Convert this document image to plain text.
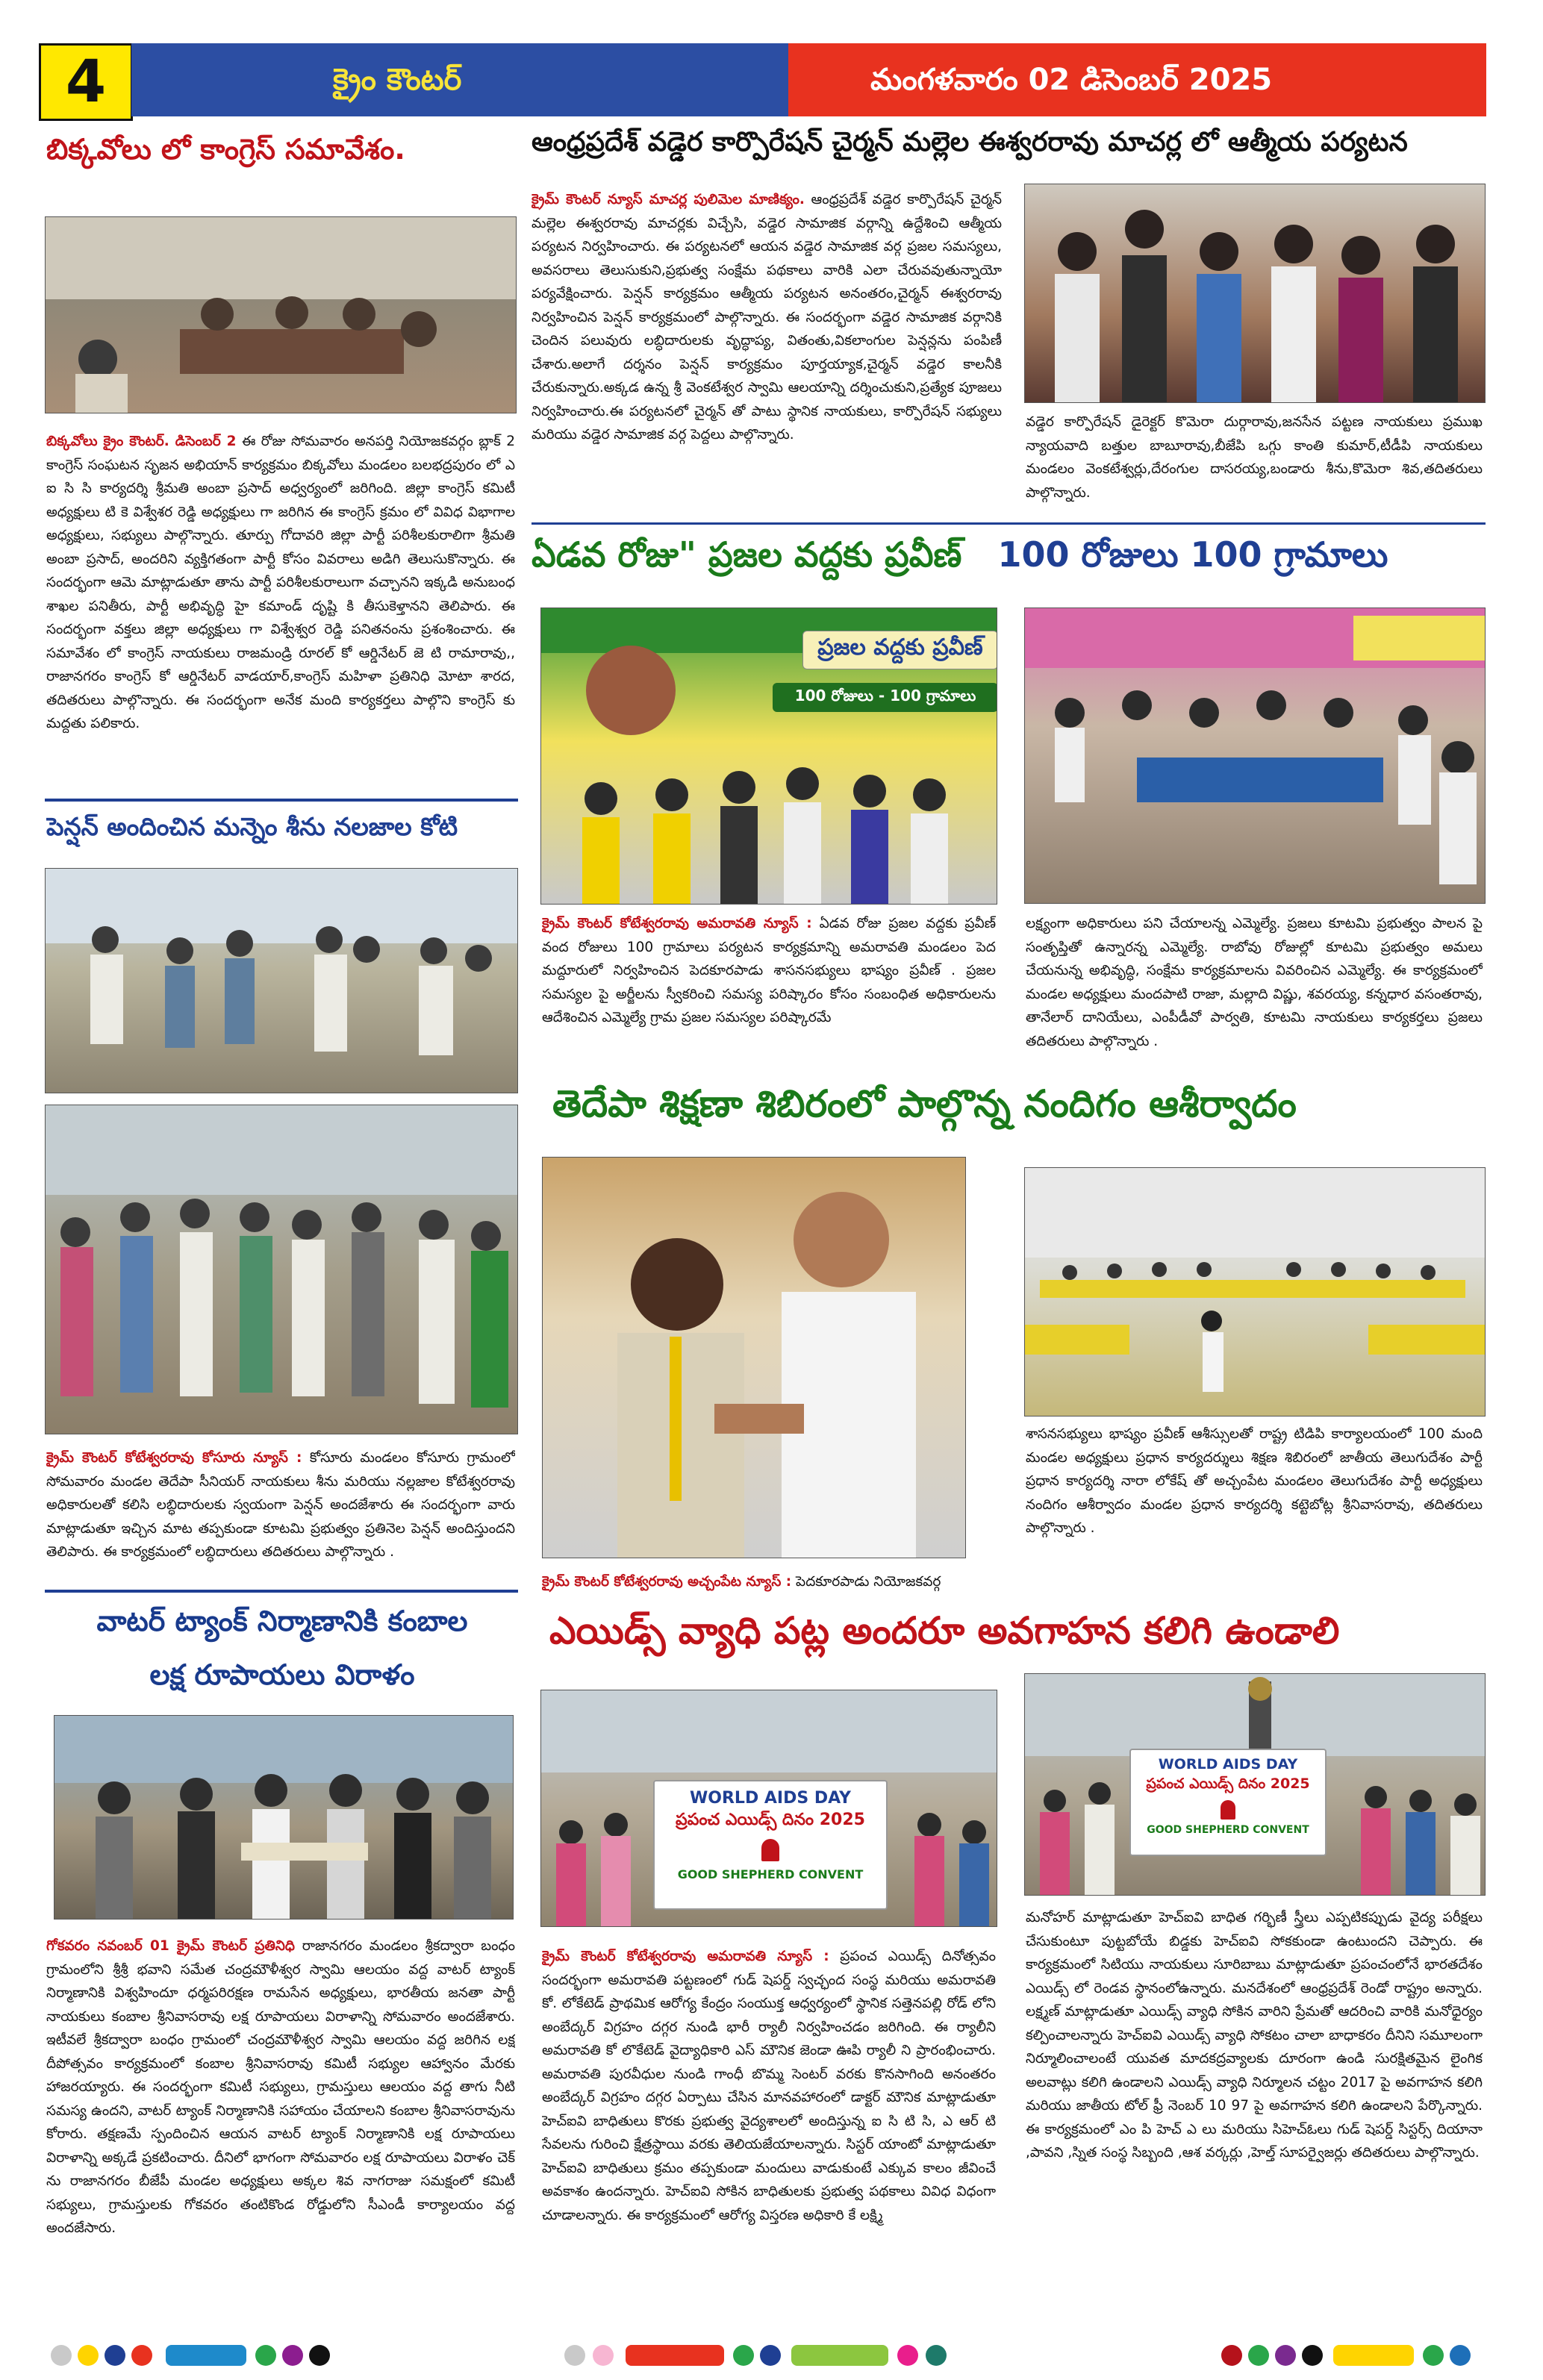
4	క్రైం కౌంటర్	మంగళవారం 02 డిసెంబర్ 2025
బిక్కవోలు లో కాంగ్రెస్ సమావేశం.
బిక్కవోలు క్రైం కౌంటర్. డిసెంబర్ 2 ఈ రోజు సోమవారం అనపర్తి నియోజకవర్గం బ్లాక్ 2 కాంగ్రెస్ సంఘటన సృజన అభియాన్ కార్యక్రమం బిక్కవోలు మండలం బలభద్రపురం లో ఎ ఐ సి సి కార్యదర్శి శ్రీమతి అంబా ప్రసాద్ అధ్వర్యంలో జరిగింది. జిల్లా కాంగ్రెస్ కమిటీ అధ్యక్షులు టి కె విశ్వేశర రెడ్డి అధ్యక్షులు గా జరిగిన ఈ కాంగ్రెస్ క్రమం లో వివిధ విభాగాల అధ్యక్షులు, సభ్యులు పాల్గొన్నారు. తూర్పు గోదావరి జిల్లా పార్టీ పరిశీలకురాలిగా శ్రీమతి అంబా ప్రసాద్, అందరిని వ్యక్తిగతంగా పార్టీ కోసం వివరాలు అడిగి తెలుసుకొన్నారు. ఈ సందర్భంగా ఆమె మాట్లాడుతూ తాను పార్టీ పరిశీలకురాలుగా వచ్చానని ఇక్కడి అనుబంధ శాఖల పనితీరు, పార్టీ అభివృద్ధి హై కమాండ్ దృష్టి కి తీసుకెళ్తానని తెలిపారు. ఈ సందర్భంగా వక్తలు జిల్లా అధ్యక్షులు గా విశ్వేశ్వర రెడ్డి పనితనంను ప్రశంశించారు. ఈ సమావేశం లో కాంగ్రెస్ నాయకులు రాజమండ్రి రూరల్ కో ఆర్డినేటర్ జె టి రామారావు,, రాజానగరం కాంగ్రెస్ కో ఆర్డినేటర్ వాడయార్,కాంగ్రెస్ మహిళా ప్రతినిధి మోటా శారద, తదితరులు పాల్గొన్నారు. ఈ సందర్భంగా అనేక మంది కార్యకర్తలు పాల్గొని కాంగ్రెస్ కు మద్దతు పలికారు.
పెన్షన్ అందించిన మన్నెం శీను నలజాల కోటి
క్రైమ్ కౌంటర్ కోటేశ్వరరావు కోసూరు న్యూస్ : కోసూరు మండలం కోసూరు గ్రామంలో సోమవారం మండల తెదేపా సీనియర్ నాయకులు శీను మరియు నల్లజాల కోటేశ్వరరావు అధికారులతో కలిసి లబ్ధిదారులకు స్వయంగా పెన్షన్ అందజేశారు ఈ సందర్భంగా వారు మాట్లాడుతూ ఇచ్చిన మాట తప్పకుండా కూటమి ప్రభుత్వం ప్రతినెల పెన్షన్ అందిస్తుందని తెలిపారు. ఈ కార్యక్రమంలో లబ్ధిదారులు తదితరులు పాల్గొన్నారు .
వాటర్ ట్యాంక్ నిర్మాణానికి కంబాల
లక్ష రూపాయలు విరాళం
గోకవరం నవంబర్ 01 క్రైమ్ కౌంటర్ ప్రతినిధి రాజానగరం మండలం శ్రీకద్వారా బంధం గ్రామంలోని శ్రీశ్రీ భవాని సమేత చంద్రమౌళీశ్వర స్వామి ఆలయం వద్ద వాటర్ ట్యాంక్ నిర్మాణానికి విశ్వహిందూ ధర్మపరిరక్షణ రామసేన అధ్యక్షులు, భారతీయ జనతా పార్టీ నాయకులు కంబాల శ్రీనివాసరావు లక్ష రూపాయలు విరాళాన్ని సోమవారం అందజేశారు. ఇటీవలే శ్రీకద్వారా బంధం గ్రామంలో చంద్రమౌళీశ్వర స్వామి ఆలయం వద్ద జరిగిన లక్ష దీపోత్సవం కార్యక్రమంలో కంబాల శ్రీనివాసరావు కమిటీ సభ్యుల ఆహ్వానం మేరకు హాజరయ్యారు. ఈ సందర్భంగా కమిటీ సభ్యులు, గ్రామస్తులు ఆలయం వద్ద తాగు నీటి సమస్య ఉందని, వాటర్ ట్యాంక్ నిర్మాణానికి సహాయం చేయాలని కంబాల శ్రీనివాసరావును కోరారు. తక్షణమే స్పందించిన ఆయన వాటర్ ట్యాంక్ నిర్మాణానికి లక్ష రూపాయలు విరాళాన్ని అక్కడే ప్రకటించారు. దీనిలో భాగంగా సోమవారం లక్ష రూపాయలు విరాళం చెక్ ను రాజానగరం బీజేపీ మండల అధ్యక్షులు అక్కల శివ నాగరాజు సమక్షంలో కమిటీ సభ్యులు, గ్రామస్తులకు గోకవరం తంటికొండ రోడ్డులోని సీఎండీ కార్యాలయం వద్ద అందజేసారు.
ఆంధ్రప్రదేశ్ వడ్డెర కార్పొరేషన్ చైర్మన్ మల్లెల ఈశ్వరరావు మాచర్ల లో ఆత్మీయ పర్యటన
క్రైమ్ కౌంటర్ న్యూస్ మాచర్ల పులిమెల మాణిక్యం. ఆంధ్రప్రదేశ్ వడ్డెర కార్పొరేషన్ చైర్మన్ మల్లెల ఈశ్వరరావు మాచర్లకు విచ్చేసి, వడ్డెర సామాజిక వర్గాన్ని ఉద్దేశించి ఆత్మీయ పర్యటన నిర్వహించారు. ఈ పర్యటనలో ఆయన వడ్డెర సామాజిక వర్గ ప్రజల సమస్యలు, అవసరాలు తెలుసుకుని,ప్రభుత్వ సంక్షేమ పథకాలు వారికి ఎలా చేరువవుతున్నాయో పర్యవేక్షించారు. పెన్షన్ కార్యక్రమం ఆత్మీయ పర్యటన అనంతరం,చైర్మన్ ఈశ్వరరావు నిర్వహించిన పెన్షన్ కార్యక్రమంలో పాల్గొన్నారు. ఈ సందర్భంగా వడ్డెర సామాజిక వర్గానికి చెందిన పలువురు లబ్ధిదారులకు వృద్ధాప్య, వితంతు,వికలాంగుల పెన్షన్లను పంపిణీ చేశారు.అలాగే దర్శనం పెన్షన్ కార్యక్రమం పూర్తయ్యాక,చైర్మన్ వడ్డెర కాలనీకి చేరుకున్నారు.అక్కడ ఉన్న శ్రీ వెంకటేశ్వర స్వామి ఆలయాన్ని దర్శించుకుని,ప్రత్యేక పూజలు నిర్వహించారు.ఈ పర్యటనలో చైర్మన్ తో పాటు స్థానిక నాయకులు, కార్పొరేషన్ సభ్యులు మరియు వడ్డెర సామాజిక వర్గ పెద్దలు పాల్గొన్నారు.
వడ్డెర కార్పొరేషన్ డైరెక్టర్ కొమెరా దుర్గారావు,జనసేన పట్టణ నాయకులు ప్రముఖ న్యాయవాది బత్తుల బాబూరావు,బీజేపి ఒగ్గు కాంతి కుమార్,టీడీపి నాయకులు మండలం వెంకటేశ్వర్లు,దేరంగుల దాసరయ్య,బండారు శీను,కొమెరా శివ,తదితరులు పాల్గొన్నారు.
ఏడవ రోజు" ప్రజల వద్దకు ప్రవీణ్ 100 రోజులు 100 గ్రామాలు
ప్రజల వద్దకు ప్రవీణ్
100 రోజులు - 100 గ్రామాలు
క్రైమ్ కౌంటర్ కోటేశ్వరరావు అమరావతి న్యూస్ : ఏడవ రోజు ప్రజల వద్దకు ప్రవీణ్ వంద రోజులు 100 గ్రామాలు పర్యటన కార్యక్రమాన్ని అమరావతి మండలం పెద మద్దూరులో నిర్వహించిన పెదకూరపాడు శాసనసభ్యులు భాష్యం ప్రవీణ్ . ప్రజల సమస్యల పై అర్జీలను స్వీకరించి సమస్య పరిష్కారం కోసం సంబంధిత అధికారులను ఆదేశించిన ఎమ్మెల్యే గ్రామ ప్రజల సమస్యల పరిష్కారమే
లక్ష్యంగా అధికారులు పని చేయాలన్న ఎమ్మెల్యే. ప్రజలు కూటమి ప్రభుత్వం పాలన పై సంతృప్తితో ఉన్నారన్న ఎమ్మెల్యే. రాబోవు రోజుల్లో కూటమి ప్రభుత్వం అమలు చేయనున్న అభివృద్ధి, సంక్షేమ కార్యక్రమాలను వివరించిన ఎమ్మెల్యే. ఈ కార్యక్రమంలో మండల అధ్యక్షులు మందపాటి రాజా, మల్లాది విష్ణు, శవరయ్య, కన్నధార వసంతరావు, తానేలార్ దానియేలు, ఎంపీడీవో పార్వతి, కూటమి నాయకులు కార్యకర్తలు ప్రజలు తదితరులు పాల్గొన్నారు .
తెదేపా శిక్షణా శిబిరంలో పాల్గొన్న నందిగం ఆశీర్వాదం
క్రైమ్ కౌంటర్ కోటేశ్వరరావు అచ్చంపేట న్యూస్ : పెదకూరపాడు నియోజకవర్గ
శాసనసభ్యులు భాష్యం ప్రవీణ్ ఆశీస్సులతో రాష్ట్ర టిడిపి కార్యాలయంలో 100 మంది మండల అధ్యక్షులు ప్రధాన కార్యదర్శులు శిక్షణ శిబిరంలో జాతీయ తెలుగుదేశం పార్టీ ప్రధాన కార్యదర్శి నారా లోకేష్ తో అచ్చంపేట మండలం తెలుగుదేశం పార్టీ అధ్యక్షులు నందిగం ఆశీర్వాదం మండల ప్రధాన కార్యదర్శి కట్టెబోట్ల శ్రీనివాసరావు, తదితరులు పాల్గొన్నారు .
ఎయిడ్స్ వ్యాధి పట్ల అందరూ అవగాహన కలిగి ఉండాలి
WORLD AIDS DAY
ప్రపంచ ఎయిడ్స్ దినం 2025
GOOD SHEPHERD CONVENT
WORLD AIDS DAY
ప్రపంచ ఎయిడ్స్ దినం 2025
GOOD SHEPHERD CONVENT
క్రైమ్ కౌంటర్ కోటేశ్వరరావు అమరావతి న్యూస్ : ప్రపంచ ఎయిడ్స్ దినోత్సవం సందర్భంగా అమరావతి పట్టణంలో గుడ్ షెపర్డ్ స్వచ్ఛంద సంస్థ మరియు అమరావతి కో. లోకేటెడ్ ప్రాథమిక ఆరోగ్య కేంద్రం సంయుక్త ఆధ్వర్యంలో స్థానిక సత్తెనపల్లి రోడ్ లోని అంబేద్కర్ విగ్రహం దగ్గర నుండి భారీ ర్యాలీ నిర్వహించడం జరిగింది. ఈ ర్యాలీని అమరావతి కో లొకేటెడ్ వైద్యాధికారి ఎస్ మౌనిక జెండా ఊపి ర్యాలీ ని ప్రారంభించారు. అమరావతి పురవీధుల నుండి గాంధీ బొమ్మ సెంటర్ వరకు కొనసాగింది అనంతరం అంబేద్కర్ విగ్రహం దగ్గర ఏర్పాటు చేసిన మానవహారంలో డాక్టర్ మౌనిక మాట్లాడుతూ హెచ్ఐవి బాధితులు కొరకు ప్రభుత్వ వైద్యశాలలో అందిస్తున్న ఐ సి టి సి, ఎ ఆర్ టి సేవలను గురించి క్షేత్రస్థాయి వరకు తెలియజేయాలన్నారు. సిస్టర్ యాంటో మాట్లాడుతూ హెచ్ఐవి బాధితులు క్రమం తప్పకుండా మందులు వాడుకుంటే ఎక్కువ కాలం జీవించే అవకాశం ఉందన్నారు. హెచ్ఐవి సోకిన బాధితులకు ప్రభుత్వ పథకాలు వివిధ విధంగా చూడాలన్నారు. ఈ కార్యక్రమంలో ఆరోగ్య విస్తరణ అధికారి కే లక్ష్మి
మనోహర్ మాట్లాడుతూ హెచ్ఐవి బాధిత గర్భిణీ స్త్రీలు ఎప్పటికప్పుడు వైద్య పరీక్షలు చేసుకుంటూ పుట్టబోయే బిడ్డకు హెచ్ఐవి సోకకుండా ఉంటుందని చెప్పారు. ఈ కార్యక్రమంలో సిటియు నాయకులు సూరిబాబు మాట్లాడుతూ ప్రపంచంలోనే భారతదేశం ఎయిడ్స్ లో రెండవ స్థానంలోఉన్నారు. మనదేశంలో ఆంధ్రప్రదేశ్ రెండో రాష్ట్రం అన్నారు. లక్ష్మణ్ మాట్లాడుతూ ఎయిడ్స్ వ్యాధి సోకిన వారిని ప్రేమతో ఆదరించి వారికి మనోధైర్యం కల్పించాలన్నారు హెచ్ఐవి ఎయిడ్స్ వ్యాధి సోకటం చాలా బాధాకరం దీనిని సమూలంగా నిర్మూలించాలంటే యువత మాదకద్రవ్యాలకు దూరంగా ఉండి సురక్షితమైన లైంగిక అలవాట్లు కలిగి ఉండాలని ఎయిడ్స్ వ్యాధి నిర్మూలన చట్టం 2017 పై అవగాహన కలిగి మరియు జాతీయ టోల్ ఫ్రీ నెంబర్ 10 97 పై అవగాహన కలిగి ఉండాలని పేర్కొన్నారు. ఈ కార్యక్రమంలో ఎం పి హెచ్ ఎ లు మరియు సిహెచ్ఓలు గుడ్ షెపర్డ్ సిస్టర్స్ దియానా ,పావని ,స్నిత సంస్థ సిబ్బంది ,ఆశ వర్కర్లు ,హెల్త్ సూపర్వైజర్లు తదితరులు పాల్గొన్నారు.
